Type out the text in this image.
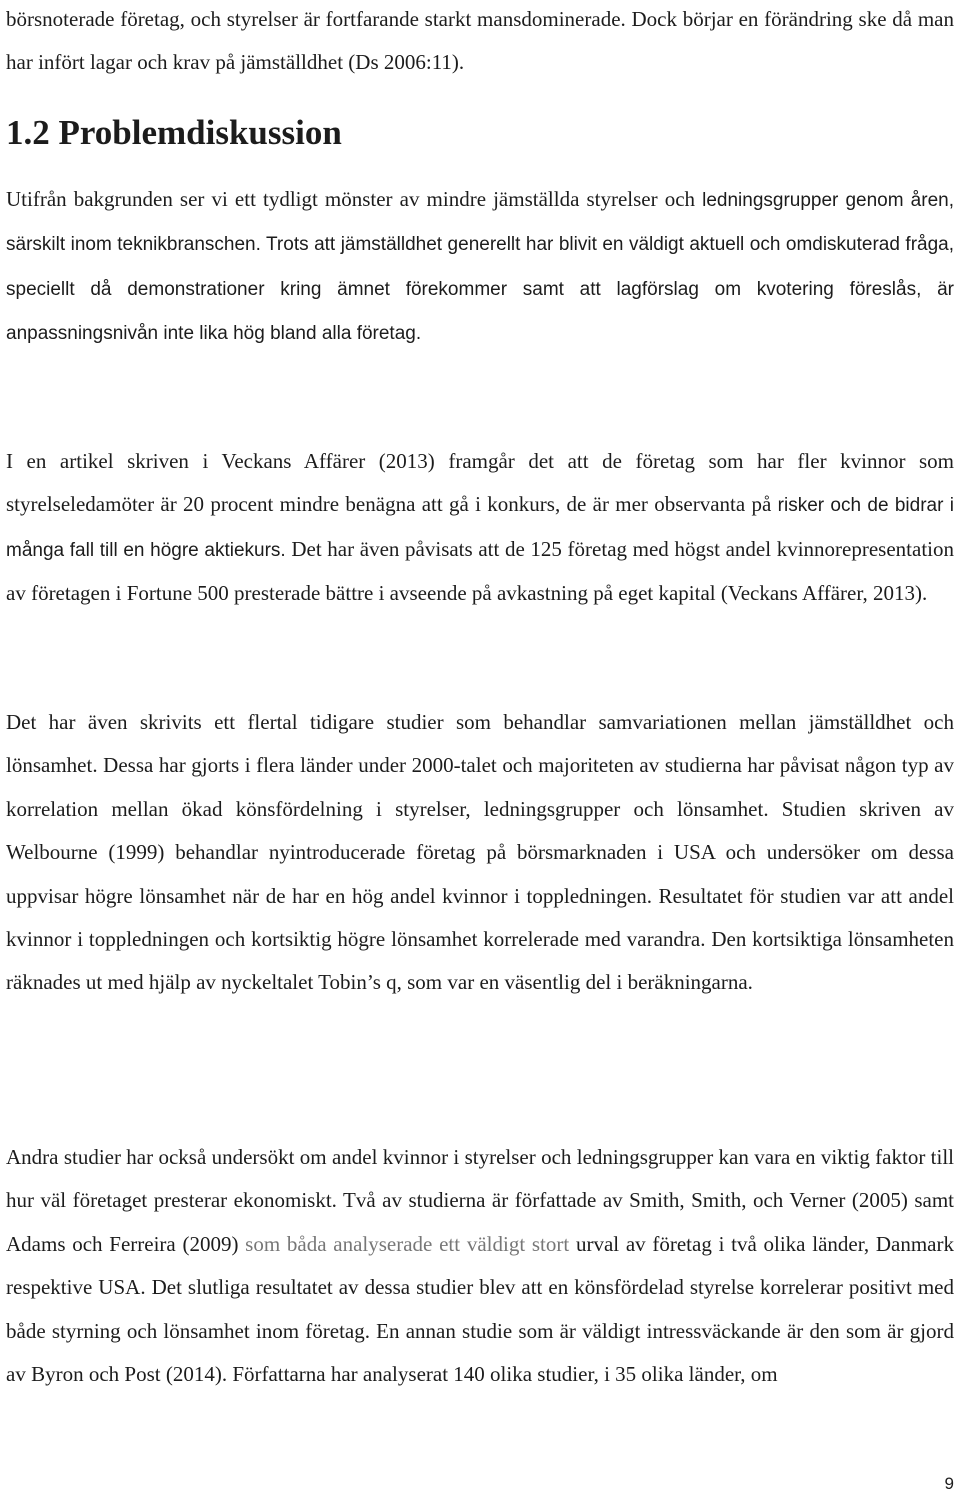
börsnoterade företag, och styrelser är fortfarande starkt mansdominerade. Dock börjar en förändring ske då man har infört lagar och krav på jämställdhet (Ds 2006:11).

1.2 Problemdiskussion

Utifrån bakgrunden ser vi ett tydligt mönster av mindre jämställda styrelser och ledningsgrupper genom åren, särskilt inom teknikbranschen. Trots att jämställdhet generellt har blivit en väldigt aktuell och omdiskuterad fråga, speciellt då demonstrationer kring ämnet förekommer samt att lagförslag om kvotering föreslås, är anpassningsnivån inte lika hög bland alla företag.

I en artikel skriven i Veckans Affärer (2013) framgår det att de företag som har fler kvinnor som styrelseledamöter är 20 procent mindre benägna att gå i konkurs, de är mer observanta på risker och de bidrar i många fall till en högre aktiekurs. Det har även påvisats att de 125 företag med högst andel kvinnorepresentation av företagen i Fortune 500 presterade bättre i avseende på avkastning på eget kapital (Veckans Affärer, 2013).

Det har även skrivits ett flertal tidigare studier som behandlar samvariationen mellan jämställdhet och lönsamhet. Dessa har gjorts i flera länder under 2000-talet och majoriteten av studierna har påvisat någon typ av korrelation mellan ökad könsfördelning i styrelser, ledningsgrupper och lönsamhet. Studien skriven av Welbourne (1999) behandlar nyintroducerade företag på börsmarknaden i USA och undersöker om dessa uppvisar högre lönsamhet när de har en hög andel kvinnor i toppledningen. Resultatet för studien var att andel kvinnor i toppledningen och kortsiktig högre lönsamhet korrelerade med varandra. Den kortsiktiga lönsamheten räknades ut med hjälp av nyckeltalet Tobin’s q, som var en väsentlig del i beräkningarna.

Andra studier har också undersökt om andel kvinnor i styrelser och ledningsgrupper kan vara en viktig faktor till hur väl företaget presterar ekonomiskt. Två av studierna är författade av Smith, Smith, och Verner (2005) samt Adams och Ferreira (2009) som båda analyserade ett väldigt stort urval av företag i två olika länder, Danmark respektive USA. Det slutliga resultatet av dessa studier blev att en könsfördelad styrelse korrelerar positivt med både styrning och lönsamhet inom företag. En annan studie som är väldigt intressväckande är den som är gjord av Byron och Post (2014). Författarna har analyserat 140 olika studier, i 35 olika länder, om

9
